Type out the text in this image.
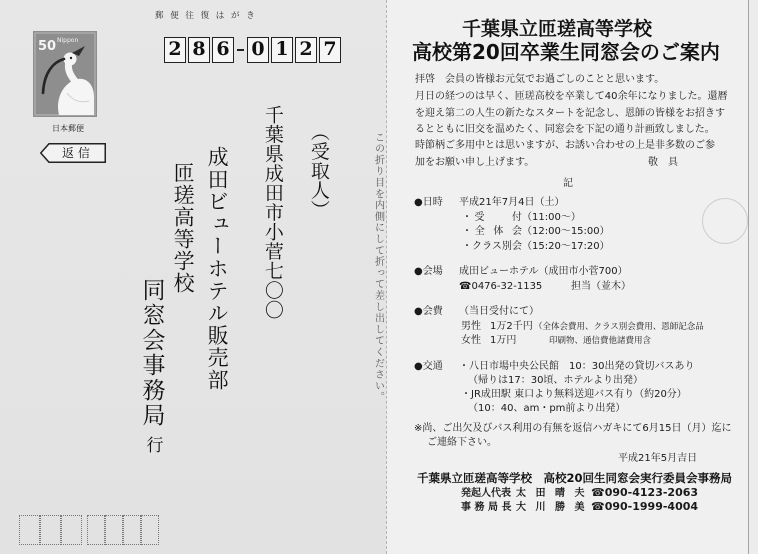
郵 便 往 復 は が き
50 Nippon
日本郵便
返 信
2 8 6 0 1 2 7
（受取人）
千葉県成田市小菅七〇〇
成田ビューホテル販売部
匝瑳高等学校
同窓会事務局
行
この折り目を内側にして折って差し出してください。
千葉県立匝瑳高等学校
高校第20回卒業生同窓会のご案内
拝啓　会員の皆様お元気でお過ごしのことと思います。
月日の経つのは早く、匝瑳高校を卒業して40余年になりました。還暦
を迎え第二の人生の新たなスタートを記念し、恩師の皆様をお招きす
るとともに旧交を温めたく、同窓会を下記の通り計画致しました。
時節柄ご多用中とは思いますが、お誘い合わせの上是非多数のご参
加をお願い申し上げます。	敬　具
記
●日時 平成21年7月4日（土）
・受　　付（11:00～）
・全 体 会（12:00～15:00）
・クラス別会（15:20～17:20）
●会場 成田ビューホテル（成田市小菅700）
☎0476-32-1135	担当（並木）
●会費 （当日受付にて）
男性 1万2千円 （全体会費用、クラス別会費用、恩師記念品
女性 1万円	印刷物、通信費他諸費用含
●交通 ・八日市場中央公民館　10：30出発の貸切バスあり
（帰りは17：30頃、ホテルより出発）
・JR成田駅 東口より無料送迎バス有り（約20分）
（10：40、am・pm前より出発）
※尚、ご出欠及びバス利用の有無を返信ハガキにて6月15日（月）迄に
ご連絡下さい。
平成21年5月吉日
千葉県立匝瑳高等学校　高校20回生同窓会実行委員会事務局
発起人代表 太 田 晴 夫 ☎090-4123-2063
事 務 局 長 大 川 勝 美 ☎090-1999-4004
